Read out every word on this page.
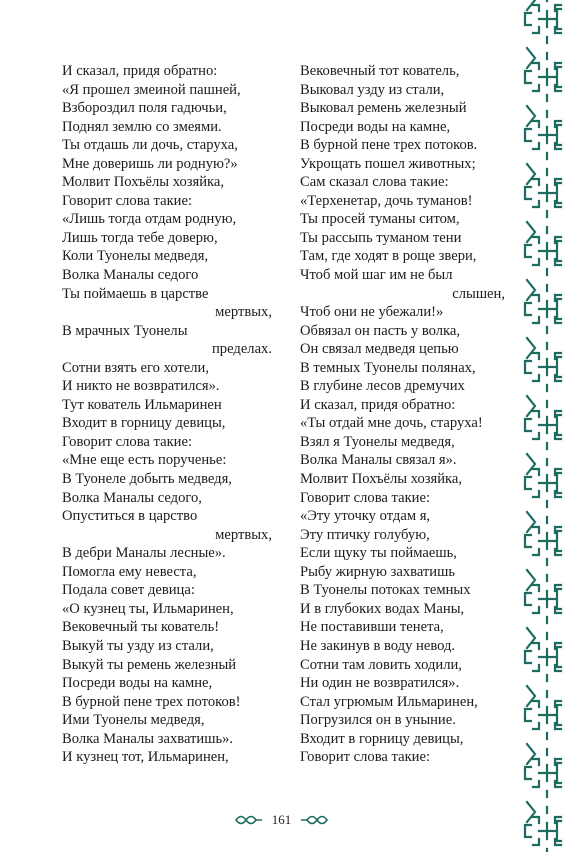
И сказал, придя обратно:
«Я прошел змеиной пашней,
Взбороздил поля гадючьи,
Поднял землю со змеями.
Ты отдашь ли дочь, старуха,
Мне доверишь ли родную?»
Молвит Похъёлы хозяйка,
Говорит слова такие:
«Лишь тогда отдам родную,
Лишь тогда тебе доверю,
Коли Туонелы медведя,
Волка Маналы седого
Ты поймаешь в царстве
мертвых,
В мрачных Туонелы
пределах.
Сотни взять его хотели,
И никто не возвратился».
Тут кователь Ильмаринен
Входит в горницу девицы,
Говорит слова такие:
«Мне еще есть порученье:
В Туонеле добыть медведя,
Волка Маналы седого,
Опуститься в царство
мертвых,
В дебри Маналы лесные».
Помогла ему невеста,
Подала совет девица:
«О кузнец ты, Ильмаринен,
Вековечный ты кователь!
Выкуй ты узду из стали,
Выкуй ты ремень железный
Посреди воды на камне,
В бурной пене трех потоков!
Ими Туонелы медведя,
Волка Маналы захватишь».
И кузнец тот, Ильмаринен,
Вековечный тот кователь,
Выковал узду из стали,
Выковал ремень железный
Посреди воды на камне,
В бурной пене трех потоков.
Укрощать пошел животных;
Сам сказал слова такие:
«Терхенетар, дочь туманов!
Ты просей туманы ситом,
Ты рассыпь туманом тени
Там, где ходят в роще звери,
Чтоб мой шаг им не был
слышен,
Чтоб они не убежали!»
Обвязал он пасть у волка,
Он связал медведя цепью
В темных Туонелы полянах,
В глубине лесов дремучих
И сказал, придя обратно:
«Ты отдай мне дочь, старуха!
Взял я Туонелы медведя,
Волка Маналы связал я».
Молвит Похъёлы хозяйка,
Говорит слова такие:
«Эту уточку отдам я,
Эту птичку голубую,
Если щуку ты поймаешь,
Рыбу жирную захватишь
В Туонелы потоках темных
И в глубоких водах Маны,
Не поставивши тенета,
Не закинув в воду невод.
Сотни там ловить ходили,
Ни один не возвратился».
Стал угрюмым Ильмаринен,
Погрузился он в уныние.
Входит в горницу девицы,
Говорит слова такие:
161
